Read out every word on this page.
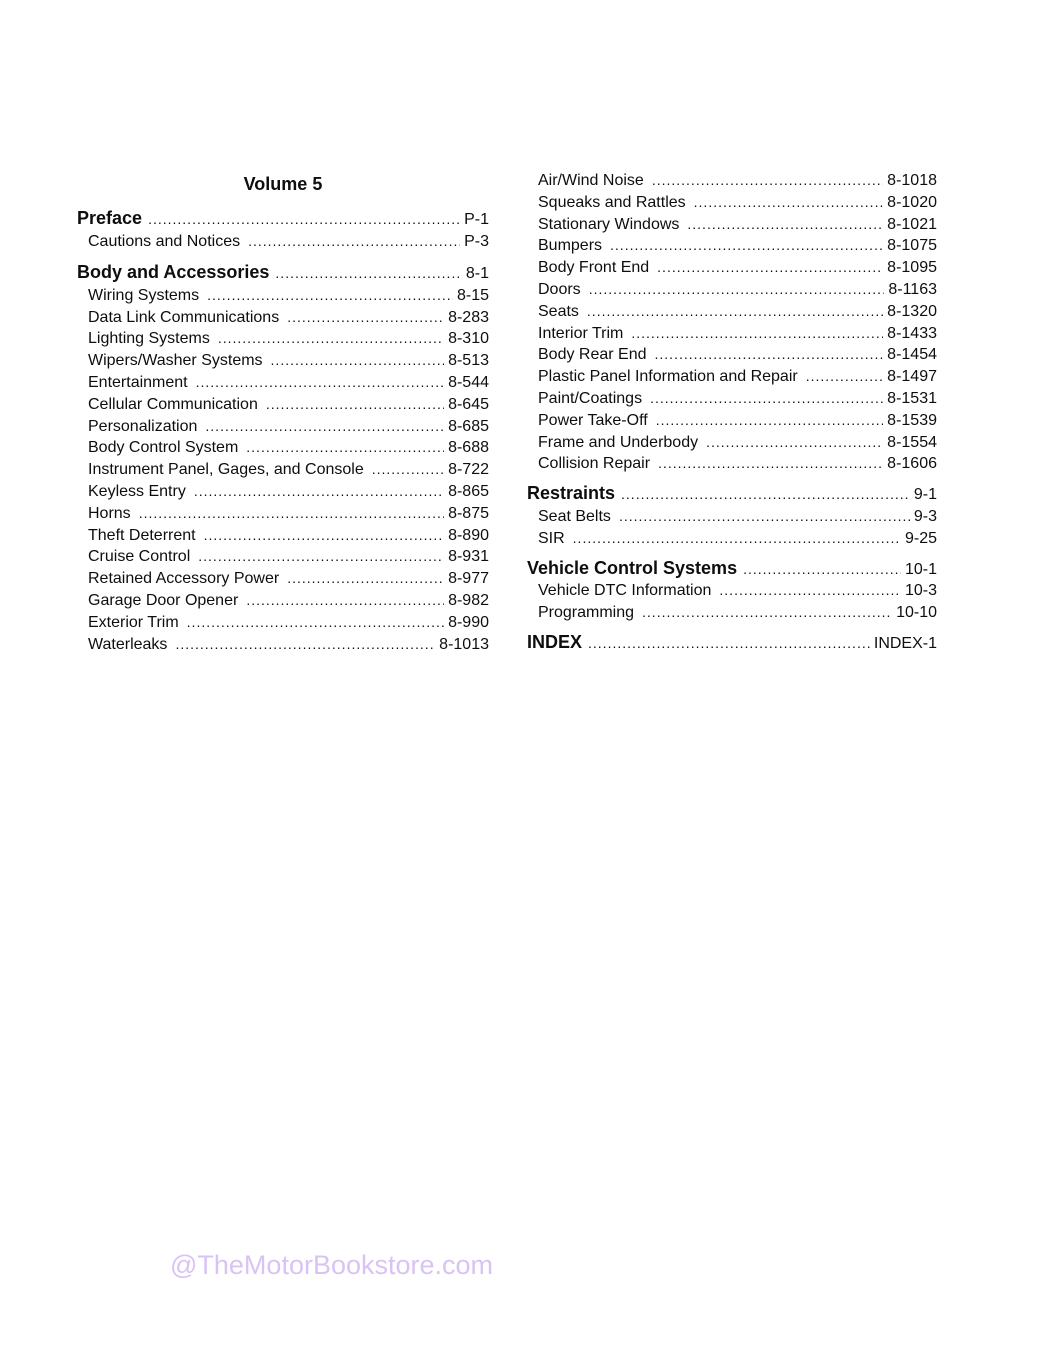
Volume 5
Preface .....	P-1
Cautions and Notices .....	P-3
Body and Accessories .....	8-1
Wiring Systems .....	8-15
Data Link Communications .....	8-283
Lighting Systems .....	8-310
Wipers/Washer Systems .....	8-513
Entertainment .....	8-544
Cellular Communication .....	8-645
Personalization .....	8-685
Body Control System .....	8-688
Instrument Panel, Gages, and Console .....	8-722
Keyless Entry .....	8-865
Horns .....	8-875
Theft Deterrent .....	8-890
Cruise Control .....	8-931
Retained Accessory Power .....	8-977
Garage Door Opener .....	8-982
Exterior Trim .....	8-990
Waterleaks .....	8-1013
Air/Wind Noise .....	8-1018
Squeaks and Rattles .....	8-1020
Stationary Windows .....	8-1021
Bumpers .....	8-1075
Body Front End .....	8-1095
Doors .....	8-1163
Seats .....	8-1320
Interior Trim .....	8-1433
Body Rear End .....	8-1454
Plastic Panel Information and Repair .....	8-1497
Paint/Coatings .....	8-1531
Power Take-Off .....	8-1539
Frame and Underbody .....	8-1554
Collision Repair .....	8-1606
Restraints .....	9-1
Seat Belts .....	9-3
SIR .....	9-25
Vehicle Control Systems .....	10-1
Vehicle DTC Information .....	10-3
Programming .....	10-10
INDEX .....	INDEX-1
@TheMotorBookstore.com
